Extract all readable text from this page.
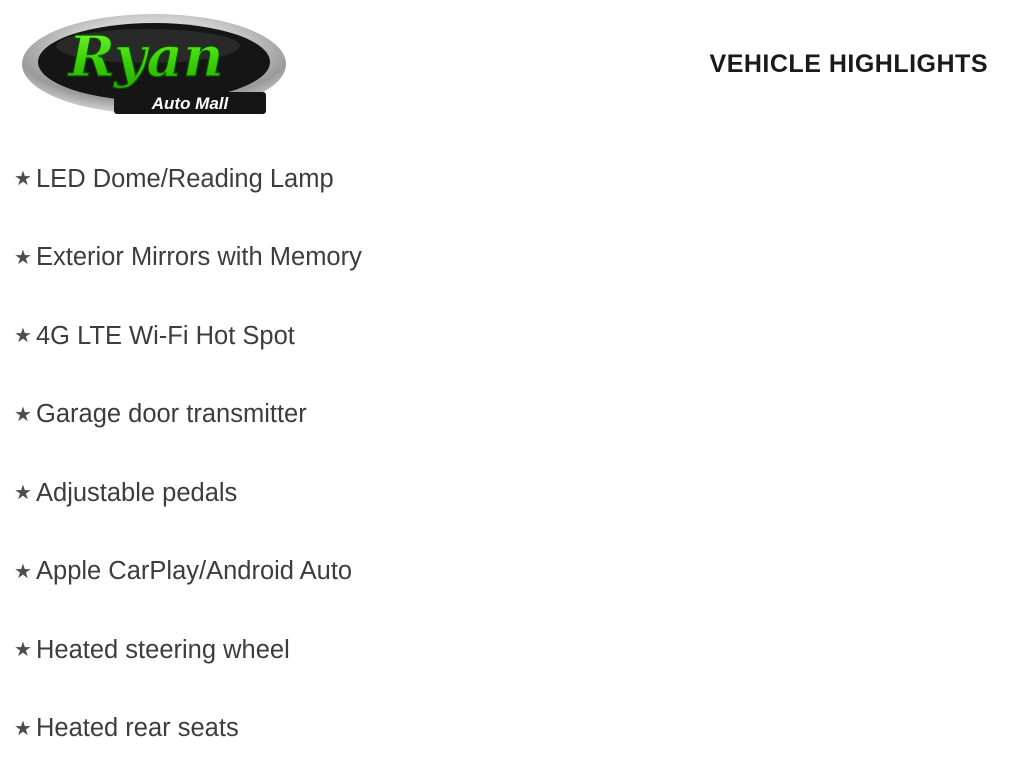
Ryan
Auto Mall
VEHICLE HIGHLIGHTS
★ LED Dome/Reading Lamp
★ Exterior Mirrors with Memory
★ 4G LTE Wi-Fi Hot Spot
★ Garage door transmitter
★ Adjustable pedals
★ Apple CarPlay/Android Auto
★ Heated steering wheel
★ Heated rear seats
